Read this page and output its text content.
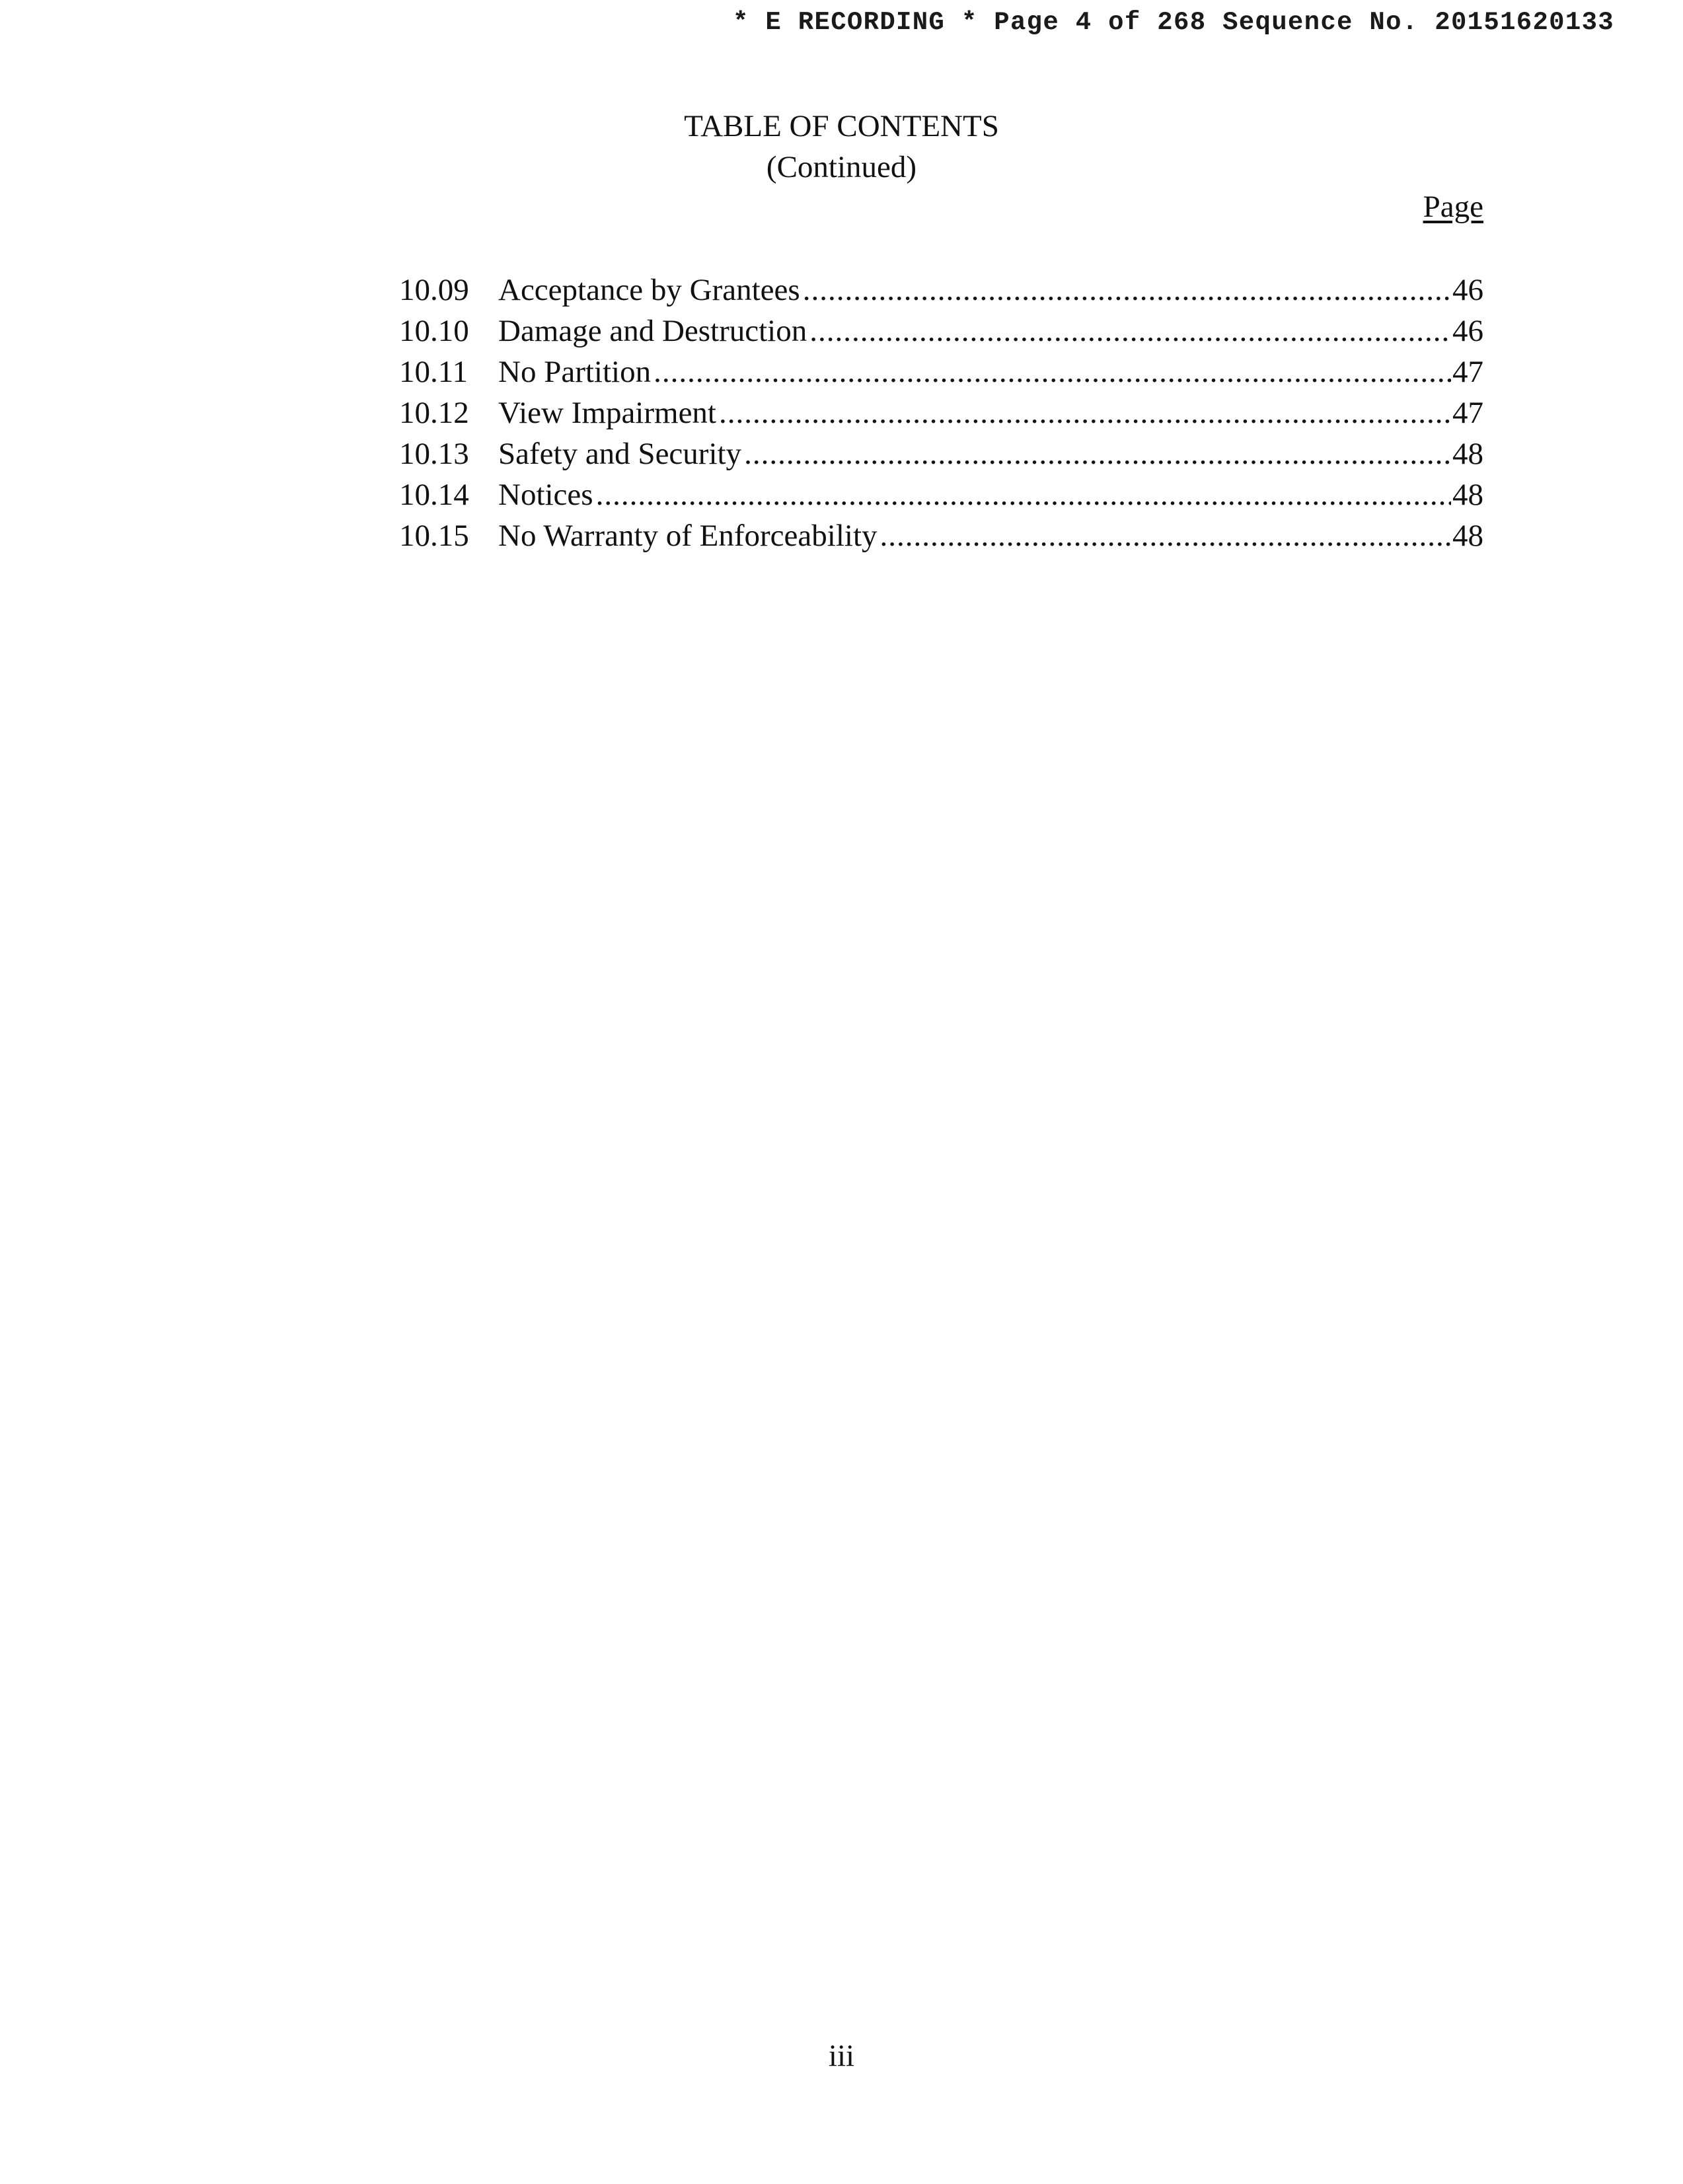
* E RECORDING * Page 4 of 268 Sequence No. 20151620133
TABLE OF CONTENTS
(Continued)
Page
10.09 Acceptance by Grantees .....	46
10.10 Damage and Destruction .....	46
10.11 No Partition .....	47
10.12 View Impairment .....	47
10.13 Safety and Security .....	48
10.14 Notices .....	48
10.15 No Warranty of Enforceability .....	48
iii
